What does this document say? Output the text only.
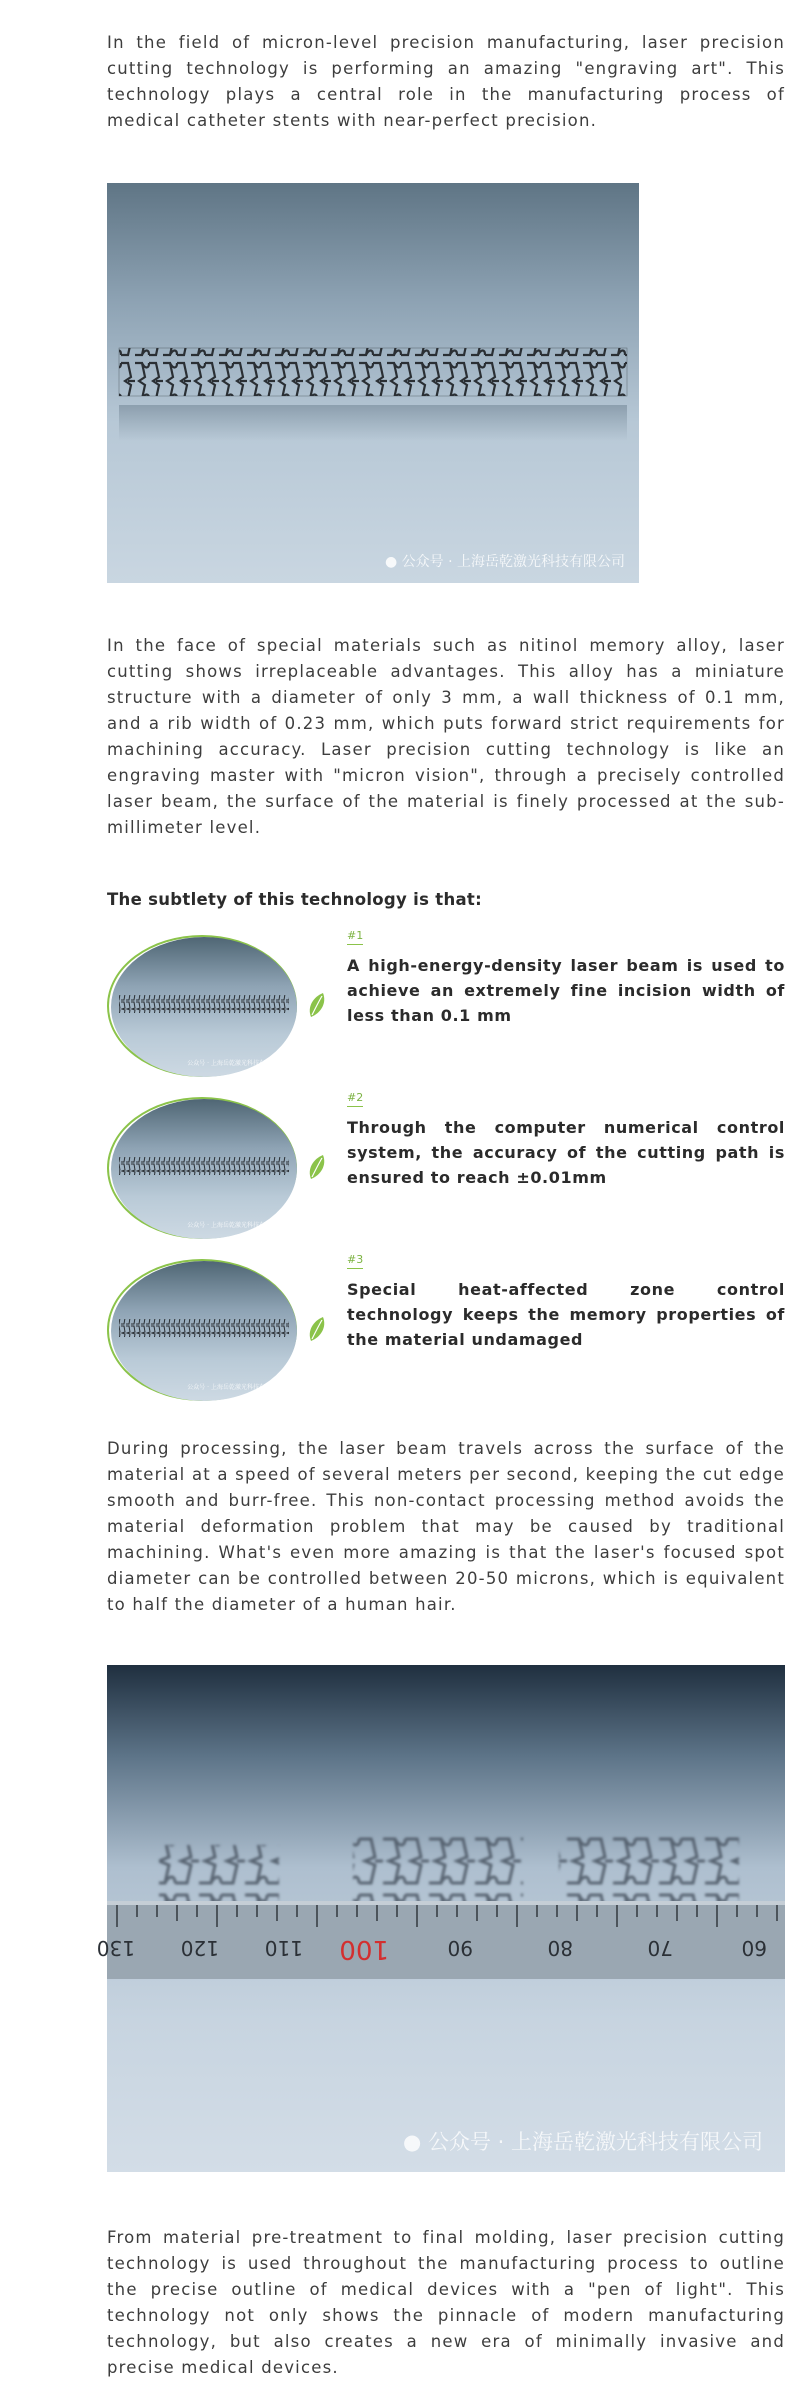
In the field of micron-level precision manufacturing, laser precision cutting technology is performing an amazing "engraving art". This technology plays a central role in the manufacturing process of medical catheter stents with near-perfect precision.

● 公众号 · 上海岳乾激光科技有限公司

In the face of special materials such as nitinol memory alloy, laser cutting shows irreplaceable advantages. This alloy has a miniature structure with a diameter of only 3 mm, a wall thickness of 0.1 mm, and a rib width of 0.23 mm, which puts forward strict requirements for machining accuracy. Laser precision cutting technology is like an engraving master with "micron vision", through a precisely controlled laser beam, the surface of the material is finely processed at the sub-millimeter level.

The subtlety of this technology is that:
公众号 · 上海岳乾激光科技有限公司
#1
A high-energy-density laser beam is used to achieve an extremely fine incision width of less than 0.1 mm
公众号 · 上海岳乾激光科技有限公司
#2
Through the computer numerical control system, the accuracy of the cutting path is ensured to reach ±0.01mm
公众号 · 上海岳乾激光科技有限公司
#3
Special heat-affected zone control technology keeps the memory properties of the material undamaged

During processing, the laser beam travels across the surface of the material at a speed of several meters per second, keeping the cut edge smooth and burr-free. This non-contact processing method avoids the material deformation problem that may be caused by traditional machining. What's even more amazing is that the laser's focused spot diameter can be controlled between 20-50 microns, which is equivalent to half the diameter of a human hair.

130 120 110 100	90	80	70	60
● 公众号 · 上海岳乾激光科技有限公司

From material pre-treatment to final molding, laser precision cutting technology is used throughout the manufacturing process to outline the precise outline of medical devices with a "pen of light". This technology not only shows the pinnacle of modern manufacturing technology, but also creates a new era of minimally invasive and precise medical devices.
